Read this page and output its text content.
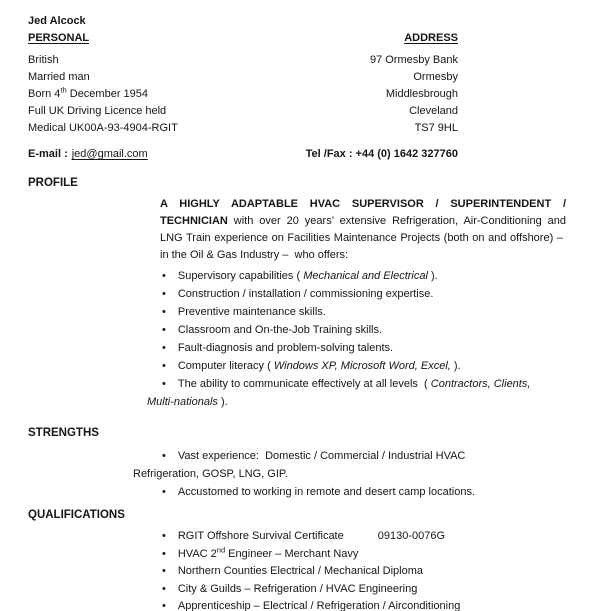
Jed Alcock
PERSONAL	ADDRESS
British	97 Ormesby Bank
Married man	Ormesby
Born 4th December 1954	Middlesbrough
Full UK Driving Licence held	Cleveland
Medical UK00A-93-4904-RGIT	TS7 9HL
E-mail : jed@gmail.com	Tel /Fax : +44 (0) 1642 327760
PROFILE

A HIGHLY ADAPTABLE HVAC SUPERVISOR / SUPERINTENDENT / TECHNICIAN with over 20 years’ extensive Refrigeration, Air-Conditioning and LNG Train experience on Facilities Maintenance Projects (both on and offshore) –  in the Oil & Gas Industry –  who offers:

• Supervisory capabilities ( Mechanical and Electrical ).
• Construction / installation / commissioning expertise.
• Preventive maintenance skills.
• Classroom and On-the-Job Training skills.
• Fault-diagnosis and problem-solving talents.
• Computer literacy ( Windows XP, Microsoft Word, Excel, ).
• The ability to communicate effectively at all levels  ( Contractors, Clients,
Multi-nationals ).
STRENGTHS
• Vast experience:  Domestic / Commercial / Industrial HVAC
Refrigeration, GOSP, LNG, GIP.
• Accustomed to working in remote and desert camp locations.
QUALIFICATIONS
• RGIT Offshore Survival Certificate	09130-0076G
• HVAC 2nd Engineer – Merchant Navy
• Northern Counties Electrical / Mechanical Diploma
• City & Guilds – Refrigeration / HVAC Engineering
• Apprenticeship – Electrical / Refrigeration / Airconditioning
